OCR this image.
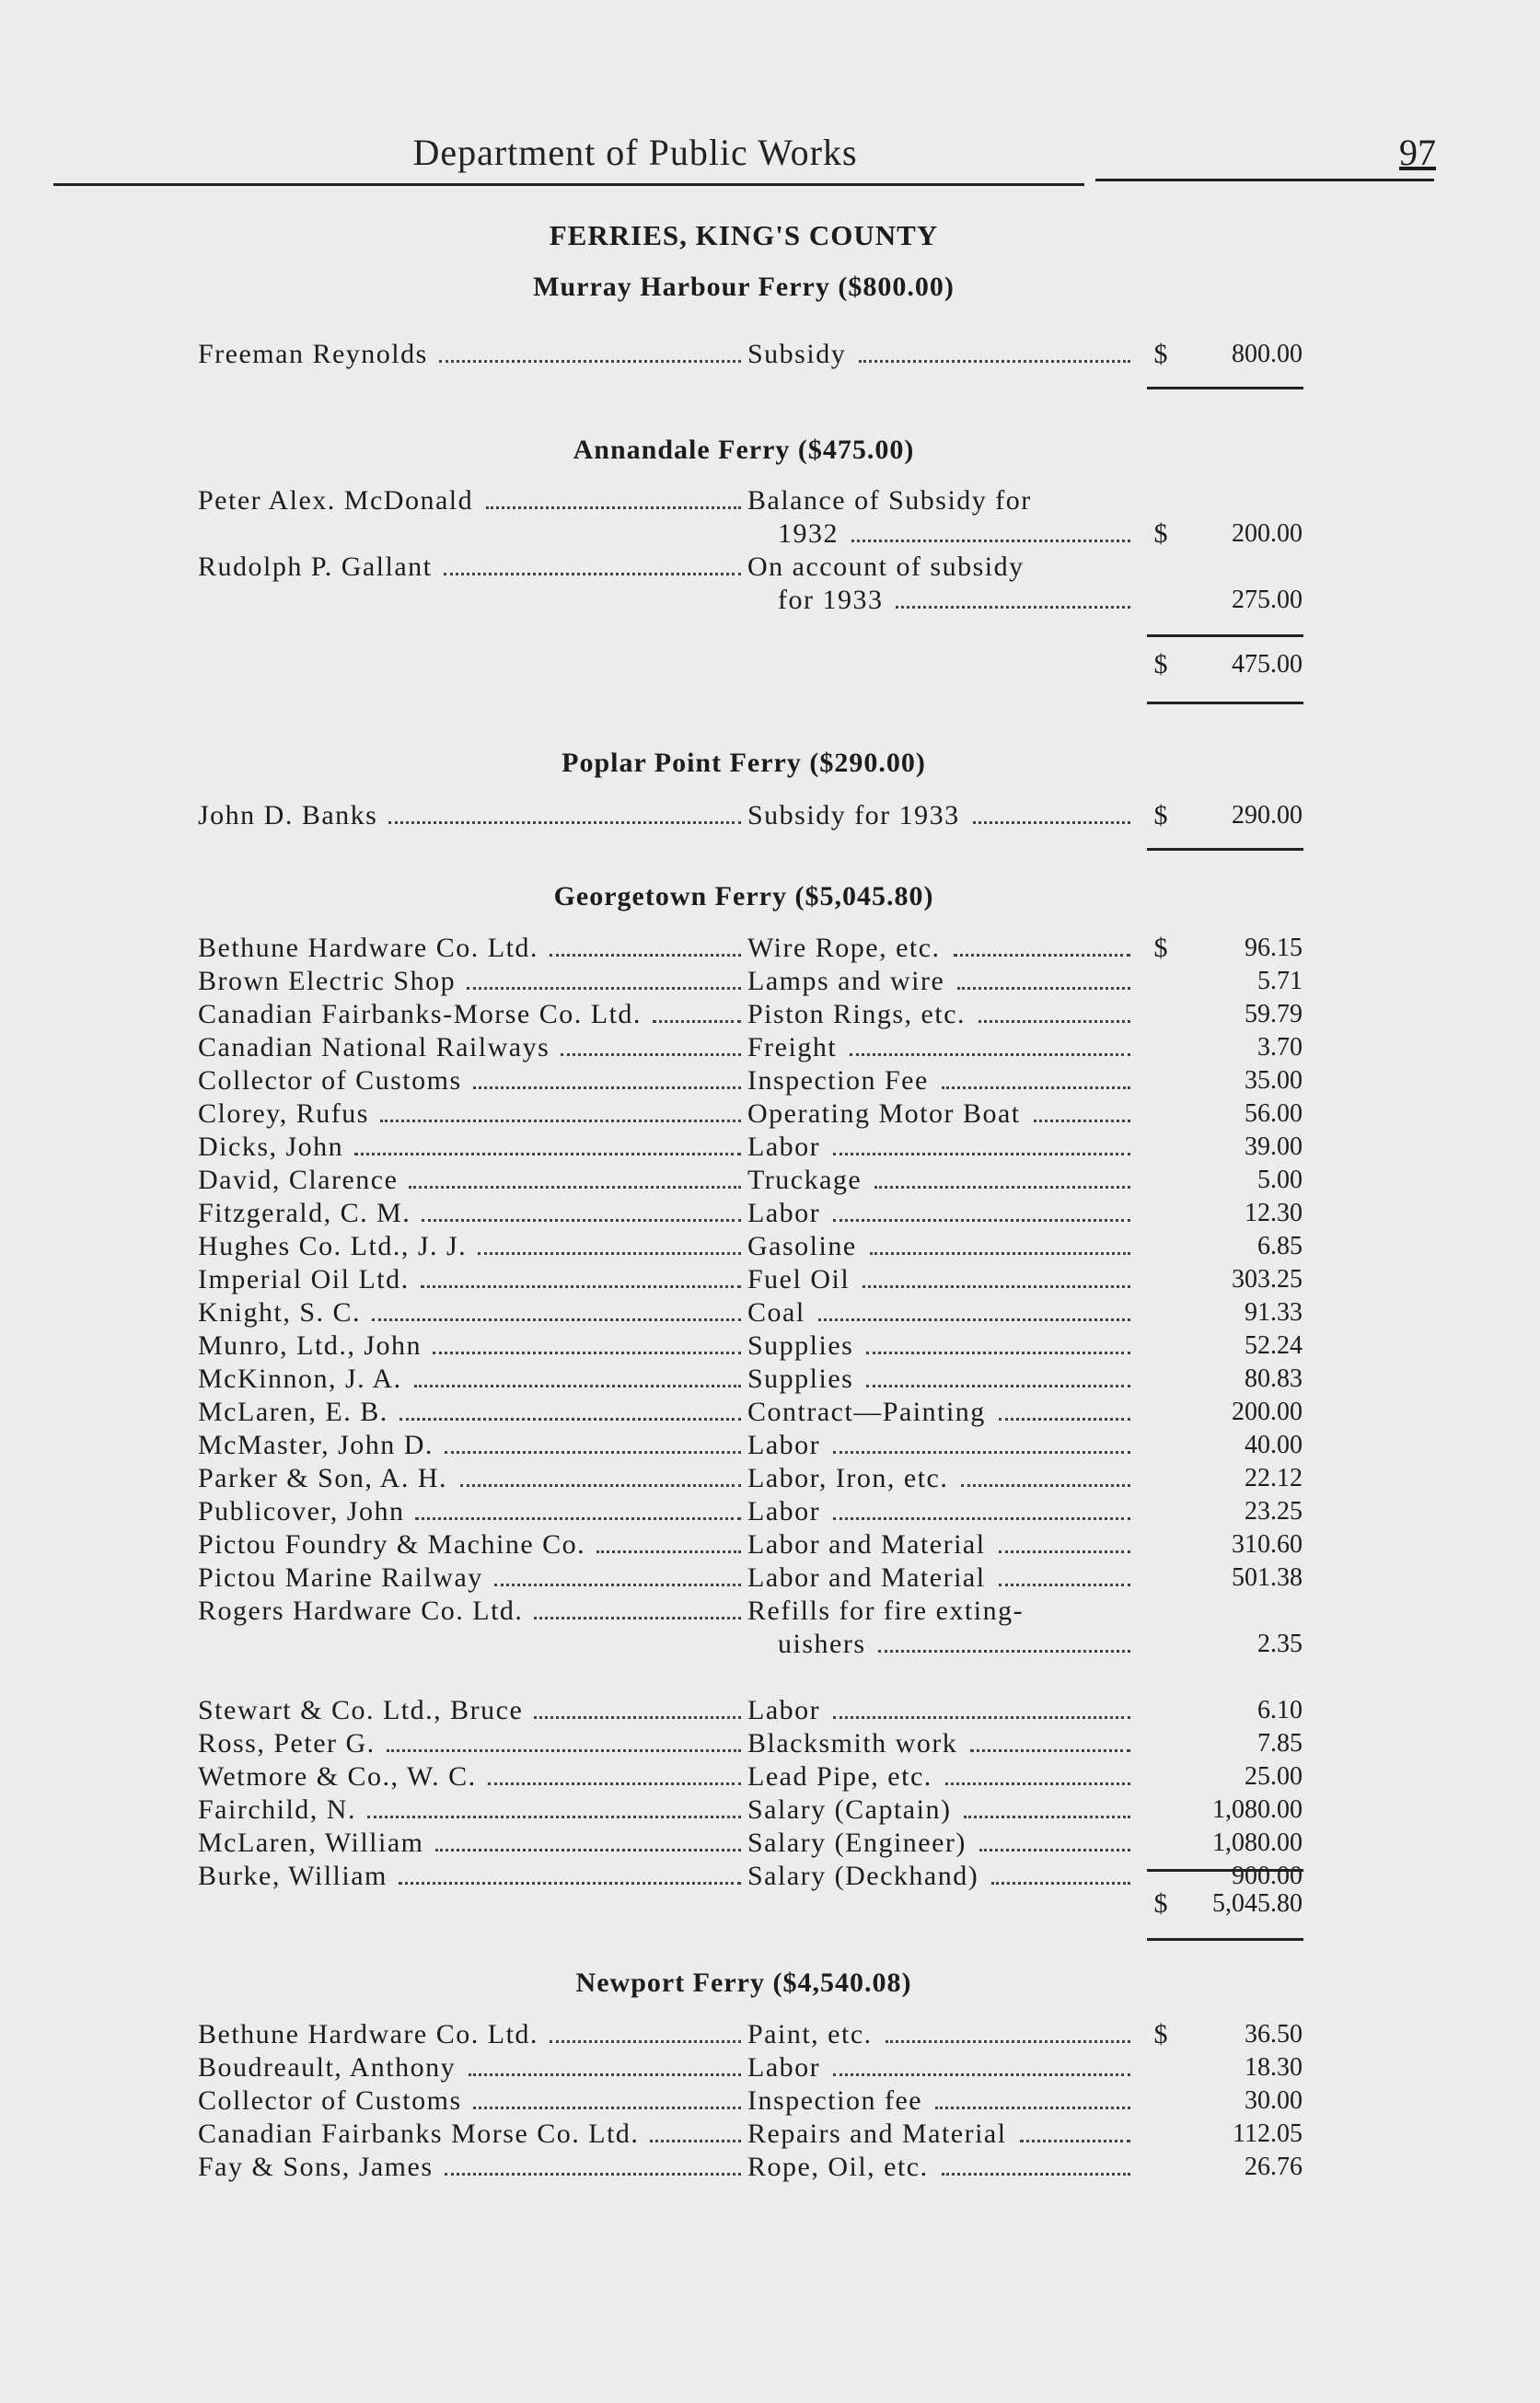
Department of Public Works	97
FERRIES, KING'S COUNTY
Murray Harbour Ferry ($800.00)
Freeman Reynolds	Subsidy	$	800.00
Annandale Ferry ($475.00)
Peter Alex. McDonald	Balance of Subsidy for
1932	$	200.00
Rudolph P. Gallant	On account of subsidy
for 1933	275.00
$	475.00
Poplar Point Ferry ($290.00)
John D. Banks	Subsidy for 1933	$	290.00
Georgetown Ferry ($5,045.80)
Bethune Hardware Co. Ltd.	Wire Rope, etc.	$	96.15
Brown Electric Shop	Lamps and wire	5.71
Canadian Fairbanks-Morse Co. Ltd.	Piston Rings, etc.	59.79
Canadian National Railways	Freight	3.70
Collector of Customs	Inspection Fee	35.00
Clorey, Rufus	Operating Motor Boat	56.00
Dicks, John	Labor	39.00
David, Clarence	Truckage	5.00
Fitzgerald, C. M.	Labor	12.30
Hughes Co. Ltd., J. J.	Gasoline	6.85
Imperial Oil Ltd.	Fuel Oil	303.25
Knight, S. C.	Coal	91.33
Munro, Ltd., John	Supplies	52.24
McKinnon, J. A.	Supplies	80.83
McLaren, E. B.	Contract—Painting	200.00
McMaster, John D.	Labor	40.00
Parker & Son, A. H.	Labor, Iron, etc.	22.12
Publicover, John	Labor	23.25
Pictou Foundry & Machine Co.	Labor and Material	310.60
Pictou Marine Railway	Labor and Material	501.38
Rogers Hardware Co. Ltd.	Refills for fire exting-
uishers	2.35
Stewart & Co. Ltd., Bruce	Labor	6.10
Ross, Peter G.	Blacksmith work	7.85
Wetmore & Co., W. C.	Lead Pipe, etc.	25.00
Fairchild, N.	Salary (Captain)	1,080.00
McLaren, William	Salary (Engineer)	1,080.00
Burke, William	Salary (Deckhand)	900.00
$	5,045.80
Newport Ferry ($4,540.08)
Bethune Hardware Co. Ltd.	Paint, etc.	$	36.50
Boudreault, Anthony	Labor	18.30
Collector of Customs	Inspection fee	30.00
Canadian Fairbanks Morse Co. Ltd.	Repairs and Material	112.05
Fay & Sons, James	Rope, Oil, etc.	26.76
